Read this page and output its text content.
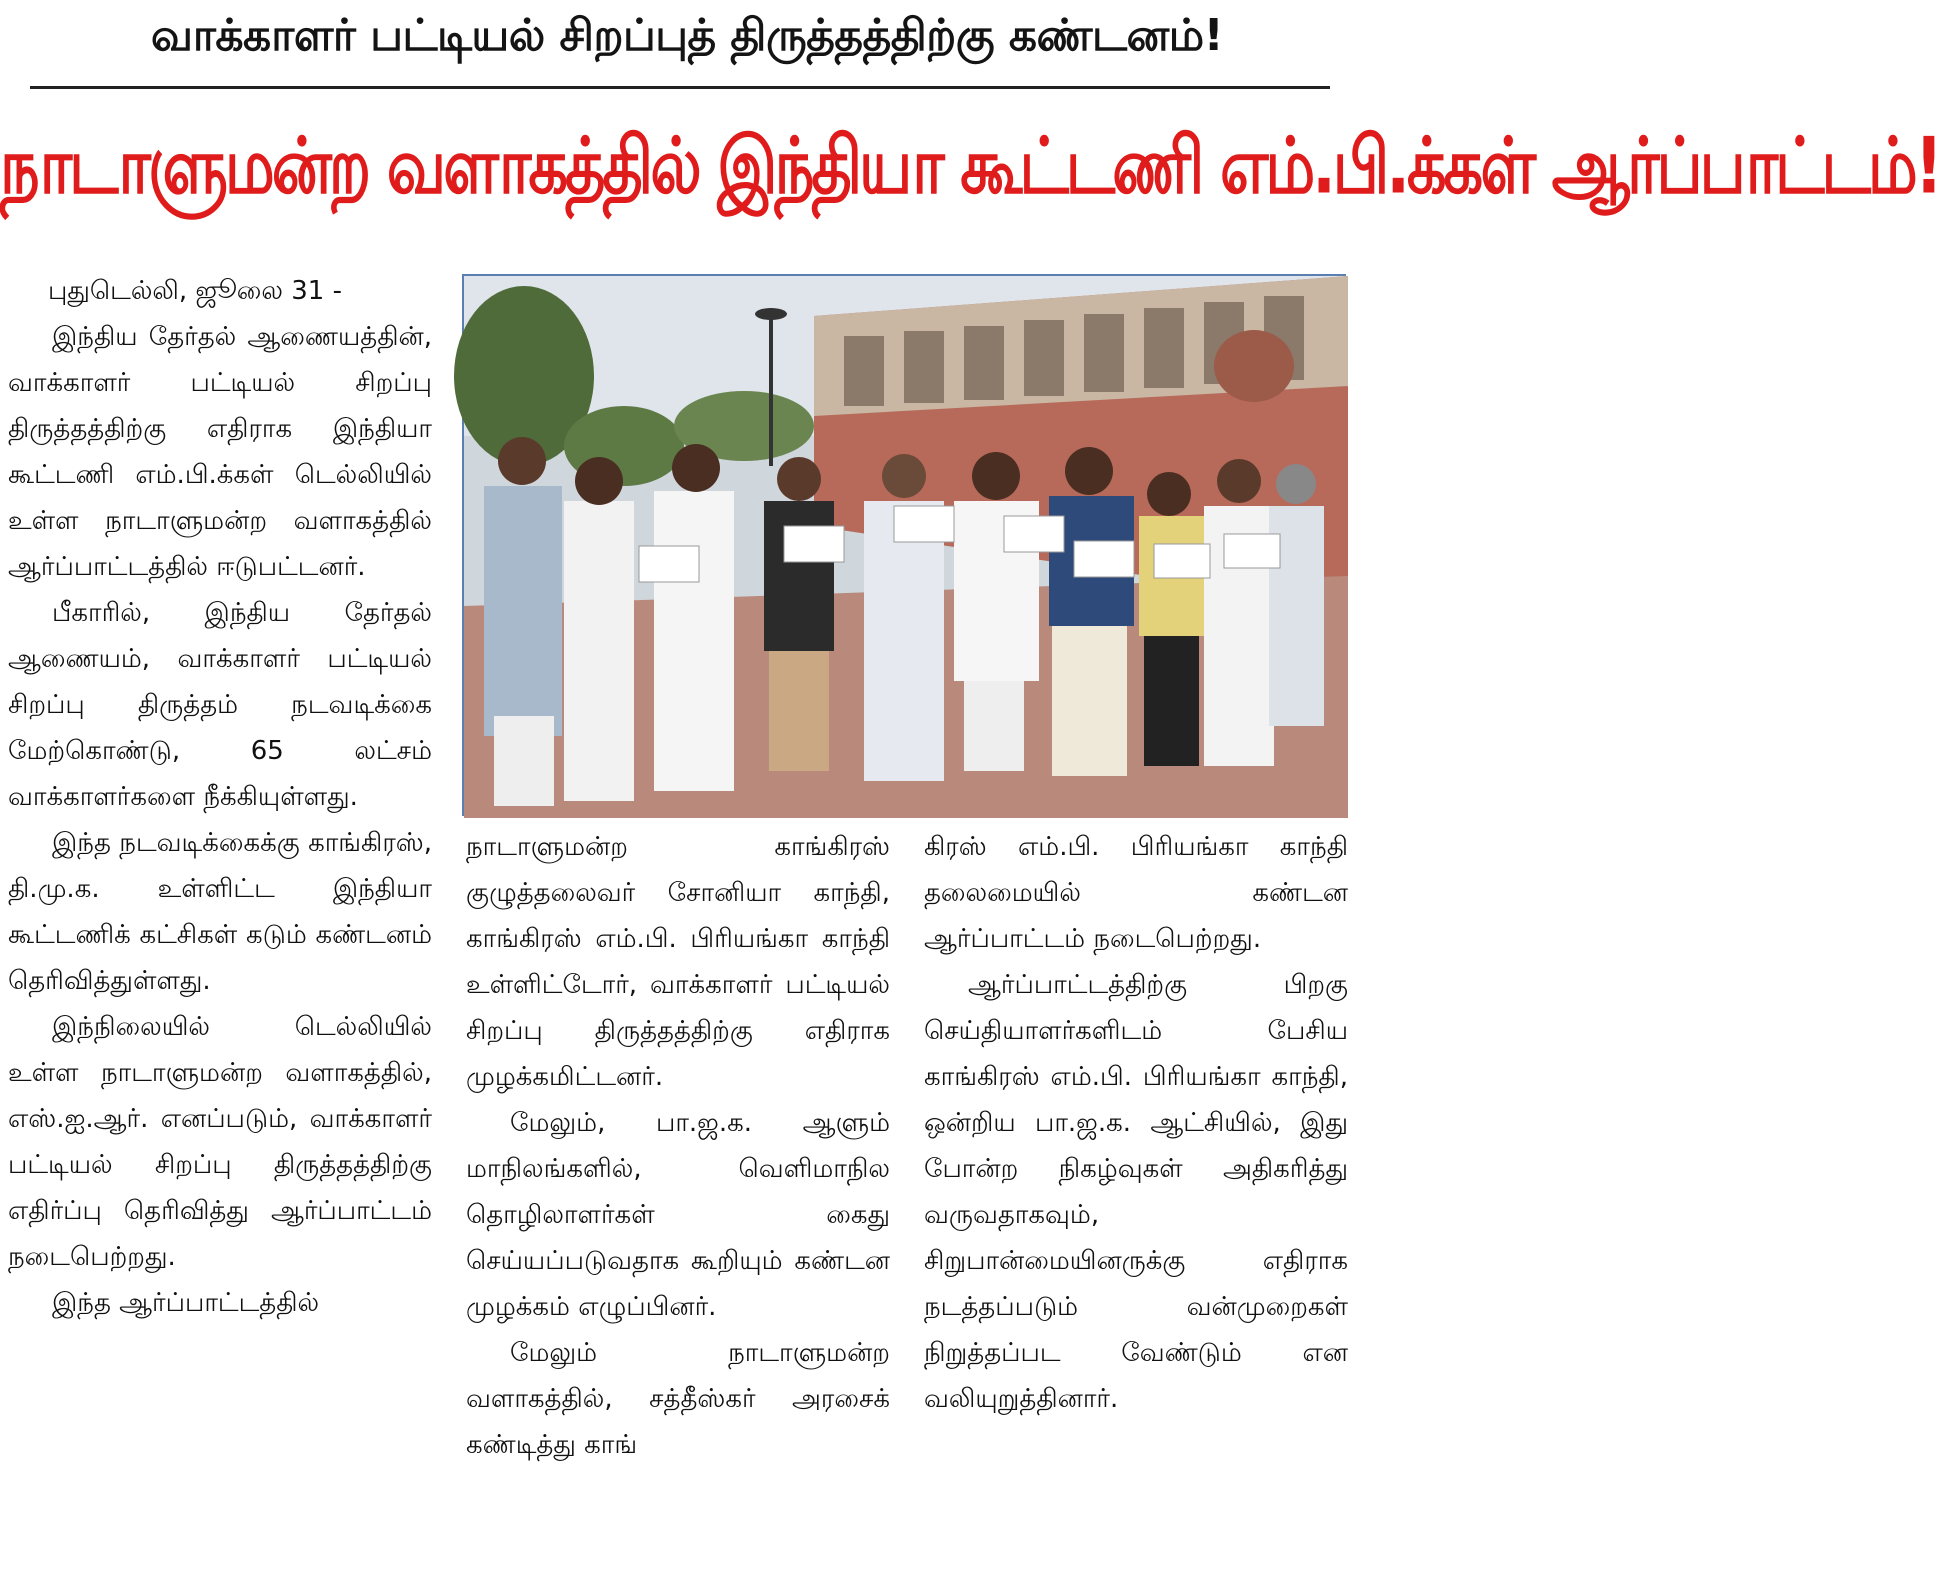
வாக்காளர் பட்டியல் சிறப்புத் திருத்தத்திற்கு கண்டனம்!
நாடாளுமன்ற வளாகத்தில் இந்தியா கூட்டணி எம்.பி.க்கள் ஆர்ப்பாட்டம்!

புதுடெல்லி, ஜூலை 31 -

இந்திய தேர்தல் ஆணையத்தின், வாக்காளர் பட்டியல் சிறப்பு திருத்தத்திற்கு எதிராக இந்தியா கூட்டணி எம்.பி.க்கள் டெல்லியில் உள்ள நாடாளுமன்ற வளாகத்தில் ஆர்ப்பாட்டத்தில் ஈடுபட்டனர்.

பீகாரில், இந்திய தேர்தல் ஆணையம், வாக்காளர் பட்டியல் சிறப்பு திருத்தம் நடவடிக்கை மேற்கொண்டு, 65 லட்சம் வாக்காளர்களை நீக்கியுள்ளது.

இந்த நடவடிக்கைக்கு காங்கிரஸ், தி.மு.க. உள்ளிட்ட இந்தியா கூட்டணிக் கட்சிகள் கடும் கண்டனம் தெரிவித்துள்ளது.

இந்நிலையில் டெல்லியில் உள்ள நாடாளுமன்ற வளாகத்தில், எஸ்.ஐ.ஆர். எனப்படும், வாக்காளர் பட்டியல் சிறப்பு திருத்தத்திற்கு எதிர்ப்பு தெரிவித்து ஆர்ப்பாட்டம் நடைபெற்றது.

இந்த ஆர்ப்பாட்டத்தில்

நாடாளுமன்ற காங்கிரஸ் குழுத்தலைவர் சோனியா காந்தி, காங்கிரஸ் எம்.பி. பிரியங்கா காந்தி உள்ளிட்டோர், வாக்காளர் பட்டியல் சிறப்பு திருத்தத்திற்கு எதிராக முழக்கமிட்டனர்.

மேலும், பா.ஜ.க. ஆளும் மாநிலங்களில், வெளிமாநில தொழிலாளர்கள் கைது செய்யப்படுவதாக கூறியும் கண்டன முழக்கம் எழுப்பினர்.

மேலும் நாடாளுமன்ற வளாகத்தில், சத்தீஸ்கர் அரசைக் கண்டித்து காங்

கிரஸ் எம்.பி. பிரியங்கா காந்தி தலைமையில் கண்டன ஆர்ப்பாட்டம் நடைபெற்றது.

ஆர்ப்பாட்டத்திற்கு பிறகு செய்தியாளர்களிடம் பேசிய காங்கிரஸ் எம்.பி. பிரியங்கா காந்தி, ஒன்றிய பா.ஜ.க. ஆட்சியில், இது போன்ற நிகழ்வுகள் அதிகரித்து வருவதாகவும், சிறுபான்மையினருக்கு எதிராக நடத்தப்படும் வன்முறைகள் நிறுத்தப்பட வேண்டும் என வலியுறுத்தினார்.
